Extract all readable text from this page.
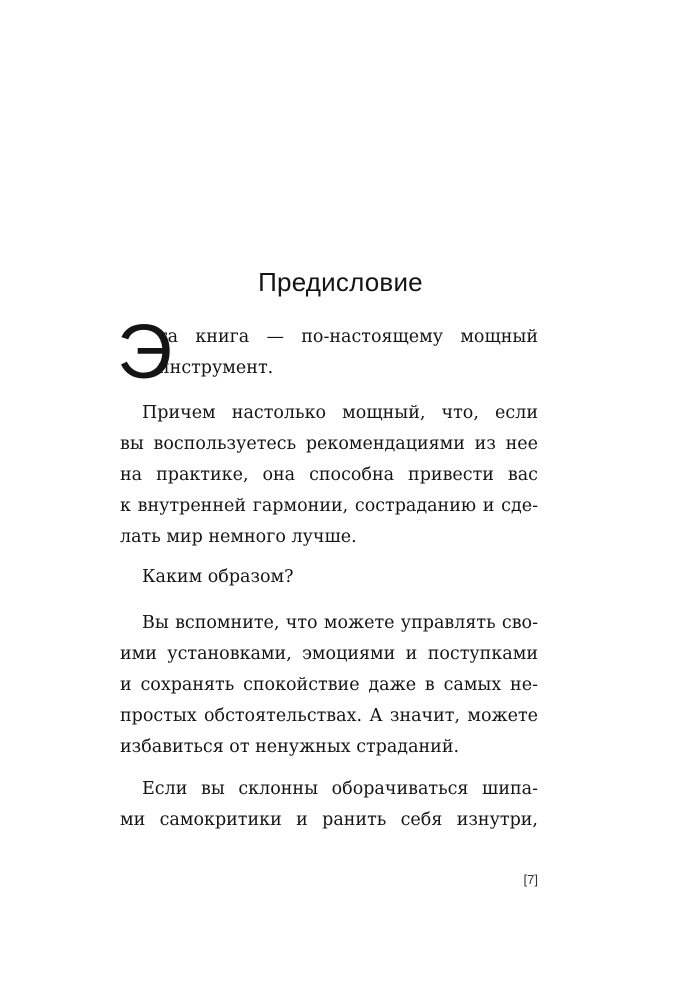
Предисловие
Э
та книга — по-настоящему мощный
инструмент.
Причем настолько мощный, что, если
вы воспользуетесь рекомендациями из нее
на практике, она способна привести вас
к внутренней гармонии, состраданию и сде-
лать мир немного лучше.
Каким образом?
Вы вспомните, что можете управлять сво-
ими установками, эмоциями и поступками
и сохранять спокойствие даже в самых не-
простых обстоятельствах. А значит, можете
избавиться от ненужных страданий.
Если вы склонны оборачиваться шипа-
ми самокритики и ранить себя изнутри,
[7]
